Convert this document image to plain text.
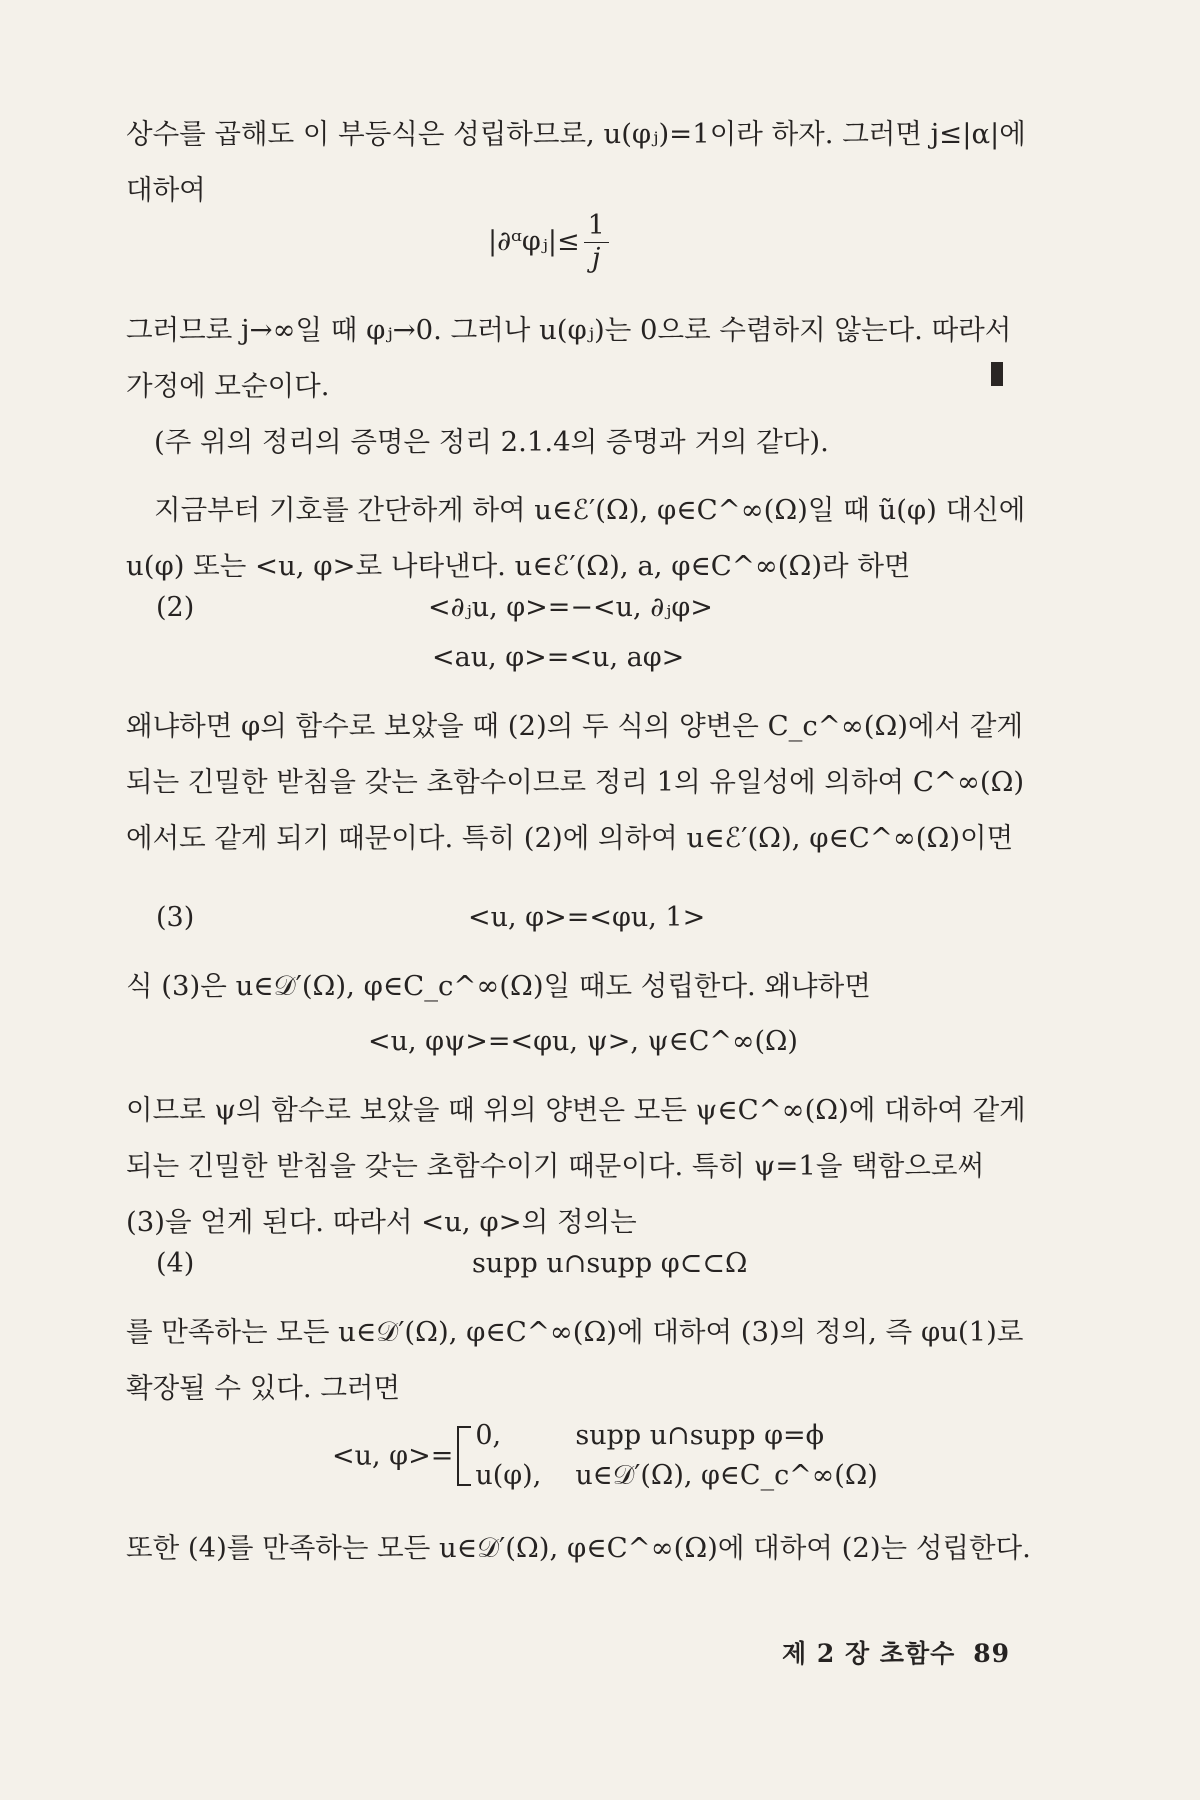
상수를 곱해도 이 부등식은 성립하므로, u(φⱼ)=1이라 하자. 그러면 j≤|α|에 대하여
|∂ᵅφⱼ|≤ $\frac{1}{j}$
그러므로 j→∞일 때 φⱼ→0. 그러나 u(φⱼ)는 0으로 수렴하지 않는다. 따라서 가정에 모순이다.
(주 위의 정리의 증명은 정리 2.1.4의 증명과 거의 같다).
지금부터 기호를 간단하게 하여 u∈ℰ′(Ω), φ∈C^∞(Ω)일 때 ũ(φ) 대신에 u(φ) 또는 <u, φ>로 나타낸다. u∈ℰ′(Ω), a, φ∈C^∞(Ω)라 하면
(2)	<∂ⱼu, φ>=−<u, ∂ⱼφ>
<au, φ>=<u, aφ>
왜냐하면 φ의 함수로 보았을 때 (2)의 두 식의 양변은 C_c^∞(Ω)에서 같게되는 긴밀한 받침을 갖는 초함수이므로 정리 1의 유일성에 의하여 C^∞(Ω)에서도 같게 되기 때문이다. 특히 (2)에 의하여 u∈ℰ′(Ω), φ∈C^∞(Ω)이면
(3)	<u, φ>=<φu, 1>
식 (3)은 u∈𝒟′(Ω), φ∈C_c^∞(Ω)일 때도 성립한다. 왜냐하면
<u, φψ>=<φu, ψ>, ψ∈C^∞(Ω)
이므로 ψ의 함수로 보았을 때 위의 양변은 모든 ψ∈C^∞(Ω)에 대하여 같게 되는 긴밀한 받침을 갖는 초함수이기 때문이다. 특히 ψ=1을 택함으로써 (3)을 얻게 된다. 따라서 <u, φ>의 정의는
(4)	supp u∩supp φ⊂⊂Ω
를 만족하는 모든 u∈𝒟′(Ω), φ∈C^∞(Ω)에 대하여 (3)의 정의, 즉 φu(1)로 확장될 수 있다. 그러면
<u, φ>=
0,	supp u∩supp φ=ϕ
u(φ), u∈𝒟′(Ω), φ∈C_c^∞(Ω)
또한 (4)를 만족하는 모든 u∈𝒟′(Ω), φ∈C^∞(Ω)에 대하여 (2)는 성립한다.
제 2 장 초함수 89
